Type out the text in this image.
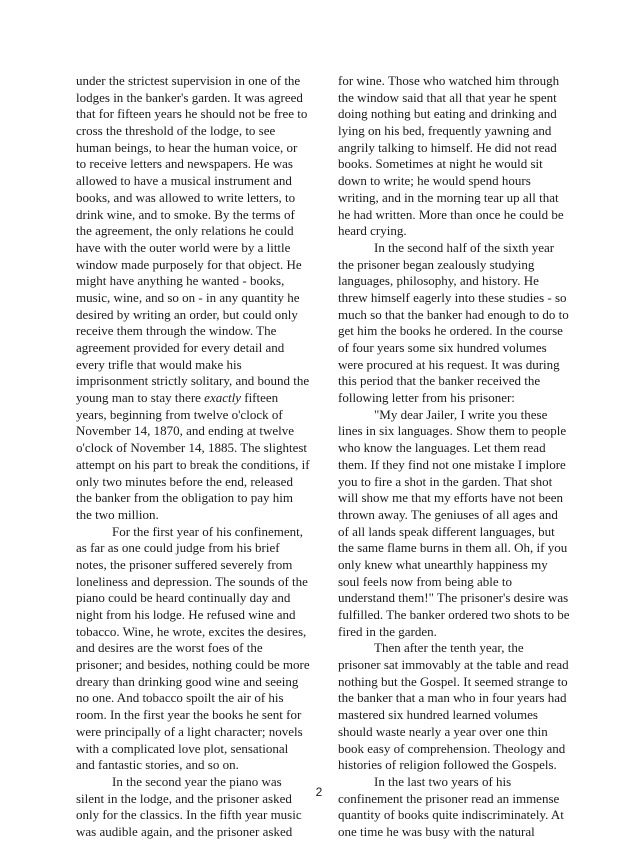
under the strictest supervision in one of the
lodges in the banker's garden. It was agreed
that for fifteen years he should not be free to
cross the threshold of the lodge, to see
human beings, to hear the human voice, or
to receive letters and newspapers. He was
allowed to have a musical instrument and
books, and was allowed to write letters, to
drink wine, and to smoke. By the terms of
the agreement, the only relations he could
have with the outer world were by a little
window made purposely for that object. He
might have anything he wanted - books,
music, wine, and so on - in any quantity he
desired by writing an order, but could only
receive them through the window. The
agreement provided for every detail and
every trifle that would make his
imprisonment strictly solitary, and bound the
young man to stay there exactly fifteen
years, beginning from twelve o'clock of
November 14, 1870, and ending at twelve
o'clock of November 14, 1885. The slightest
attempt on his part to break the conditions, if
only two minutes before the end, released
the banker from the obligation to pay him
the two million.
For the first year of his confinement,
as far as one could judge from his brief
notes, the prisoner suffered severely from
loneliness and depression. The sounds of the
piano could be heard continually day and
night from his lodge. He refused wine and
tobacco. Wine, he wrote, excites the desires,
and desires are the worst foes of the
prisoner; and besides, nothing could be more
dreary than drinking good wine and seeing
no one. And tobacco spoilt the air of his
room. In the first year the books he sent for
were principally of a light character; novels
with a complicated love plot, sensational
and fantastic stories, and so on.
In the second year the piano was
silent in the lodge, and the prisoner asked
only for the classics. In the fifth year music
was audible again, and the prisoner asked
for wine. Those who watched him through
the window said that all that year he spent
doing nothing but eating and drinking and
lying on his bed, frequently yawning and
angrily talking to himself. He did not read
books. Sometimes at night he would sit
down to write; he would spend hours
writing, and in the morning tear up all that
he had written. More than once he could be
heard crying.
In the second half of the sixth year
the prisoner began zealously studying
languages, philosophy, and history. He
threw himself eagerly into these studies - so
much so that the banker had enough to do to
get him the books he ordered. In the course
of four years some six hundred volumes
were procured at his request. It was during
this period that the banker received the
following letter from his prisoner:
"My dear Jailer, I write you these
lines in six languages. Show them to people
who know the languages. Let them read
them. If they find not one mistake I implore
you to fire a shot in the garden. That shot
will show me that my efforts have not been
thrown away. The geniuses of all ages and
of all lands speak different languages, but
the same flame burns in them all. Oh, if you
only knew what unearthly happiness my
soul feels now from being able to
understand them!" The prisoner's desire was
fulfilled. The banker ordered two shots to be
fired in the garden.
Then after the tenth year, the
prisoner sat immovably at the table and read
nothing but the Gospel. It seemed strange to
the banker that a man who in four years had
mastered six hundred learned volumes
should waste nearly a year over one thin
book easy of comprehension. Theology and
histories of religion followed the Gospels.
In the last two years of his
confinement the prisoner read an immense
quantity of books quite indiscriminately. At
one time he was busy with the natural
2
